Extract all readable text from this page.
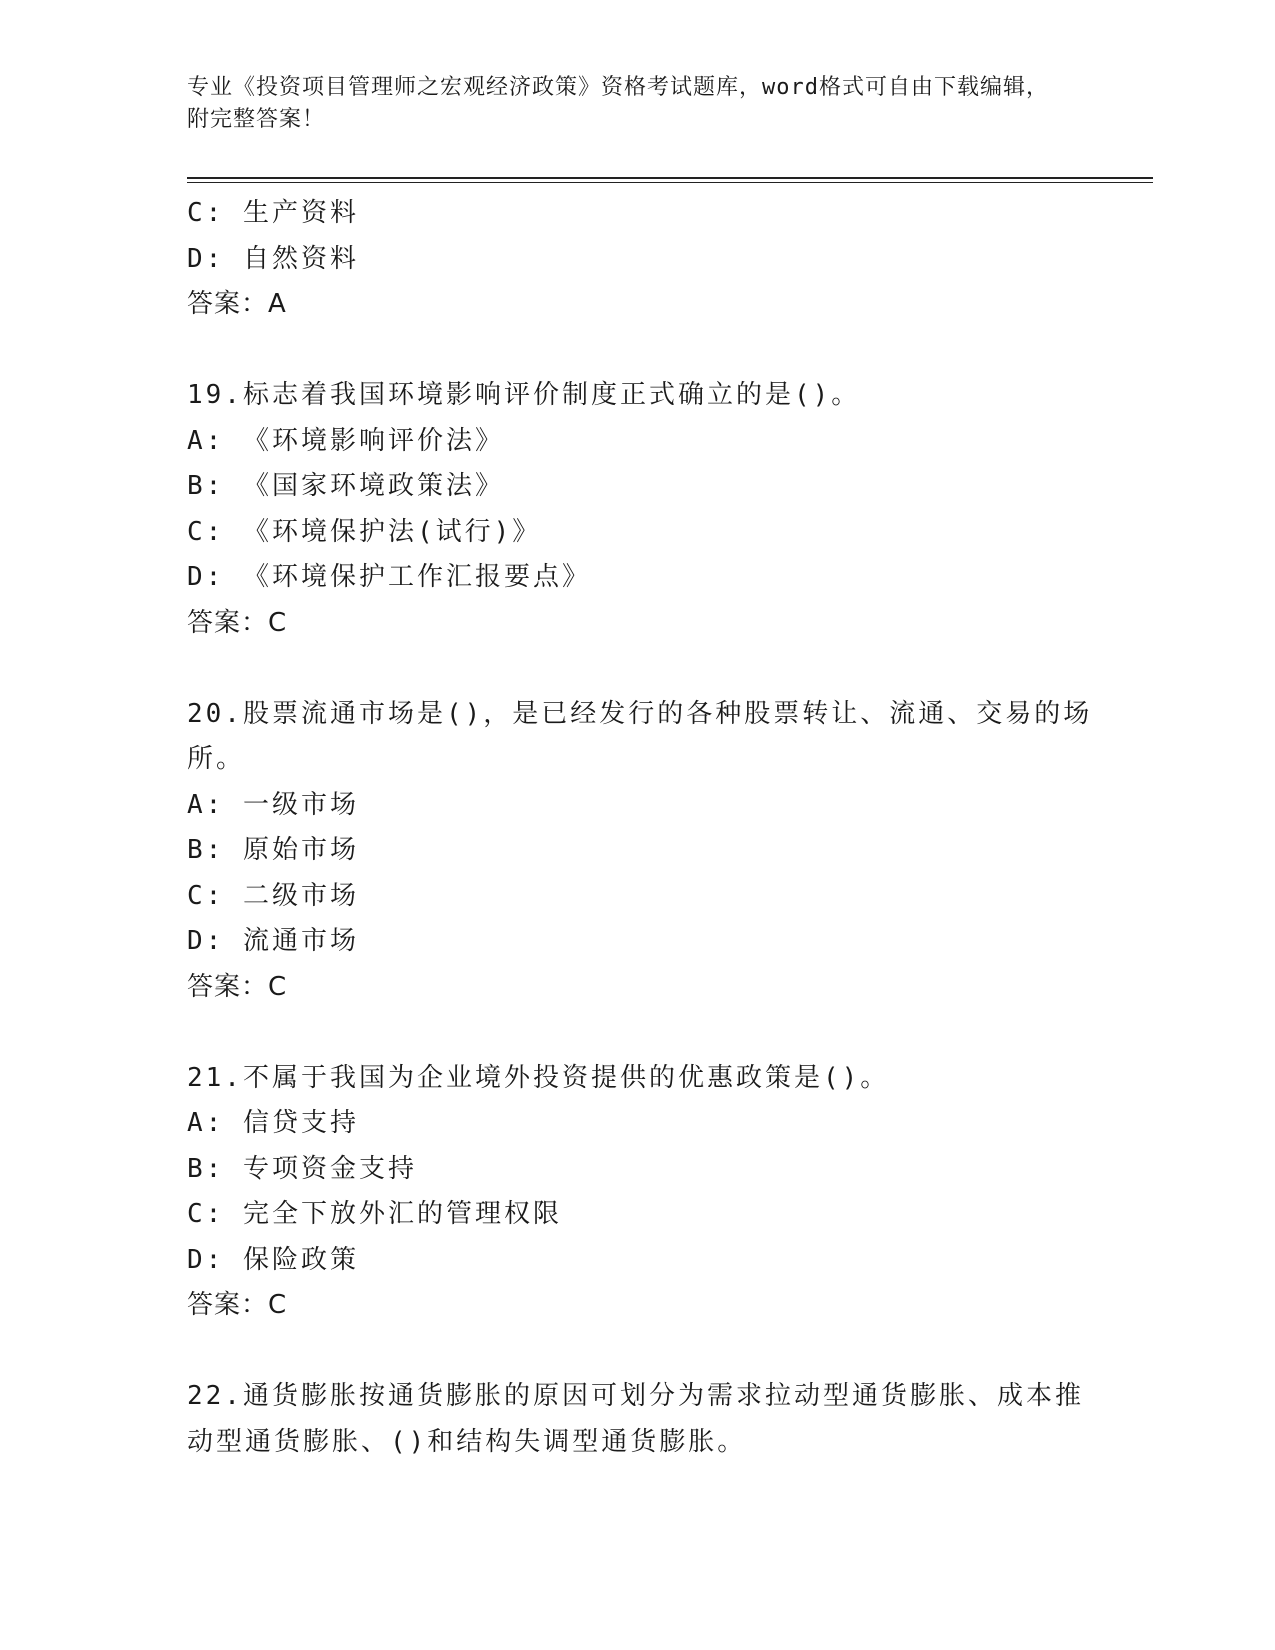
专业《投资项目管理师之宏观经济政策》资格考试题库，word格式可自由下载编辑，附完整答案！
C: 生产资料
D: 自然资料
答案：A
19.标志着我国环境影响评价制度正式确立的是()。
A: 《环境影响评价法》
B: 《国家环境政策法》
C: 《环境保护法(试行)》
D: 《环境保护工作汇报要点》
答案：C
20.股票流通市场是()，是已经发行的各种股票转让、流通、交易的场
所。
A: 一级市场
B: 原始市场
C: 二级市场
D: 流通市场
答案：C
21.不属于我国为企业境外投资提供的优惠政策是()。
A: 信贷支持
B: 专项资金支持
C: 完全下放外汇的管理权限
D: 保险政策
答案：C
22.通货膨胀按通货膨胀的原因可划分为需求拉动型通货膨胀、成本推
动型通货膨胀、()和结构失调型通货膨胀。
